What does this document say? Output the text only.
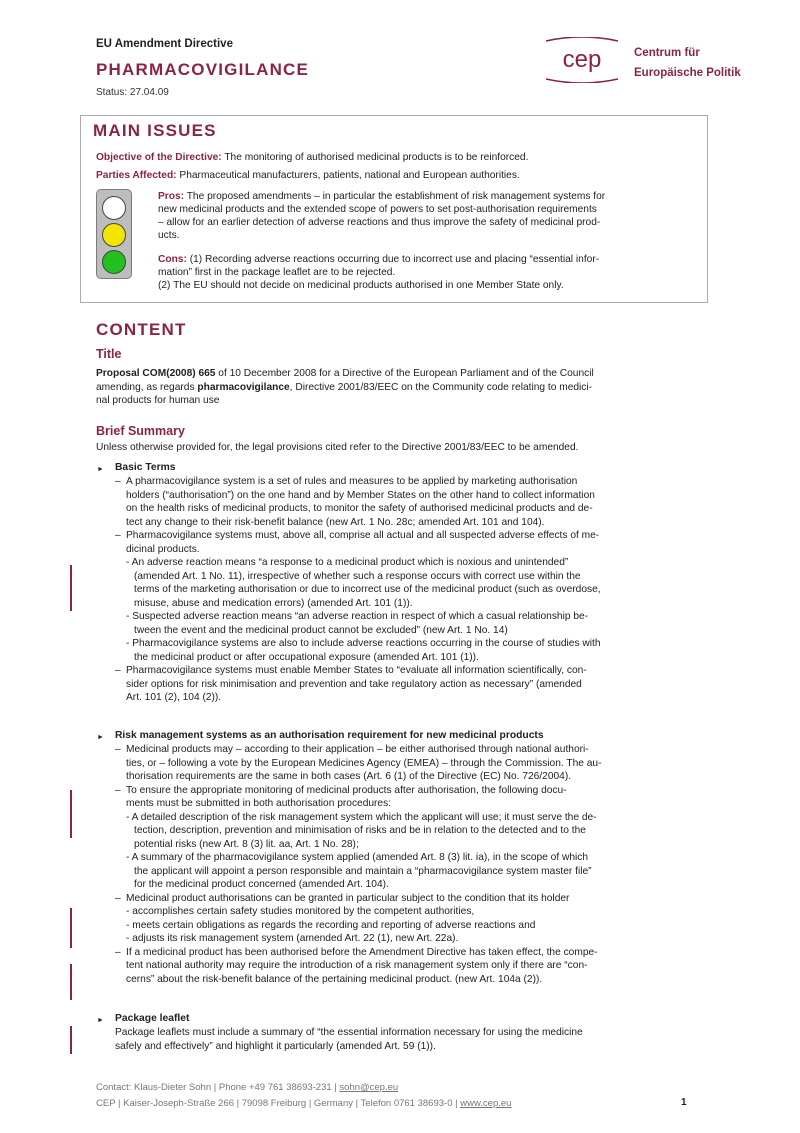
EU Amendment Directive
PHARMACOVIGILANCE
Status: 27.04.09
cep	Centrum für
Europäische Politik
MAIN ISSUES
Objective of the Directive: The monitoring of authorised medicinal products is to be reinforced.
Parties Affected: Pharmaceutical manufacturers, patients, national and European authorities.
Pros: The proposed amendments – in particular the establishment of risk management systems for
new medicinal products and the extended scope of powers to set post-authorisation requirements
– allow for an earlier detection of adverse reactions and thus improve the safety of medicinal prod-
ucts.
Cons: (1) Recording adverse reactions occurring due to incorrect use and placing “essential infor-
mation” first in the package leaflet are to be rejected.
(2) The EU should not decide on medicinal products authorised in one Member State only.
CONTENT
Title
Proposal COM(2008) 665 of 10 December 2008 for a Directive of the European Parliament and of the Council
amending, as regards pharmacovigilance, Directive 2001/83/EEC on the Community code relating to medici-
nal products for human use
Brief Summary
Unless otherwise provided for, the legal provisions cited refer to the Directive 2001/83/EEC to be amended.
► Basic Terms
– A pharmacovigilance system is a set of rules and measures to be applied by marketing authorisation
holders (“authorisation”) on the one hand and by Member States on the other hand to collect information
on the health risks of medicinal products, to monitor the safety of authorised medicinal products and de-
tect any change to their risk-benefit balance (new Art. 1 No. 28c; amended Art. 101 and 104).
– Pharmacovigilance systems must, above all, comprise all actual and all suspected adverse effects of me-
dicinal products.
- An adverse reaction means “a response to a medicinal product which is noxious and unintended”
(amended Art. 1 No. 11), irrespective of whether such a response occurs with correct use within the
terms of the marketing authorisation or due to incorrect use of the medicinal product (such as overdose,
misuse, abuse and medication errors) (amended Art. 101 (1)).
- Suspected adverse reaction means “an adverse reaction in respect of which a casual relationship be-
tween the event and the medicinal product cannot be excluded” (new Art. 1 No. 14)
- Pharmacovigilance systems are also to include adverse reactions occurring in the course of studies with
the medicinal product or after occupational exposure (amended Art. 101 (1)).
– Pharmacovigilance systems must enable Member States to “evaluate all information scientifically, con-
sider options for risk minimisation and prevention and take regulatory action as necessary” (amended
Art. 101 (2), 104 (2)).
► Risk management systems as an authorisation requirement for new medicinal products
– Medicinal products may – according to their application – be either authorised through national authori-
ties, or – following a vote by the European Medicines Agency (EMEA) – through the Commission. The au-
thorisation requirements are the same in both cases (Art. 6 (1) of the Directive (EC) No. 726/2004).
– To ensure the appropriate monitoring of medicinal products after authorisation, the following docu-
ments must be submitted in both authorisation procedures:
- A detailed description of the risk management system which the applicant will use; it must serve the de-
tection, description, prevention and minimisation of risks and be in relation to the detected and to the
potential risks (new Art. 8 (3) lit. aa, Art. 1 No. 28);
- A summary of the pharmacovigilance system applied (amended Art. 8 (3) lit. ia), in the scope of which
the applicant will appoint a person responsible and maintain a “pharmacovigilance system master file”
for the medicinal product concerned (amended Art. 104).
– Medicinal product authorisations can be granted in particular subject to the condition that its holder
- accomplishes certain safety studies monitored by the competent authorities,
- meets certain obligations as regards the recording and reporting of adverse reactions and
- adjusts its risk management system (amended Art. 22 (1), new Art. 22a).
– If a medicinal product has been authorised before the Amendment Directive has taken effect, the compe-
tent national authority may require the introduction of a risk management system only if there are “con-
cerns” about the risk-benefit balance of the pertaining medicinal product. (new Art. 104a (2)).
► Package leaflet
Package leaflets must include a summary of “the essential information necessary for using the medicine
safely and effectively” and highlight it particularly (amended Art. 59 (1)).
Contact: Klaus-Dieter Sohn | Phone +49 761 38693-231 | sohn@cep.eu
CEP | Kaiser-Joseph-Straße 266 | 79098 Freiburg | Germany | Telefon 0761 38693-0 | www.cep.eu	1
